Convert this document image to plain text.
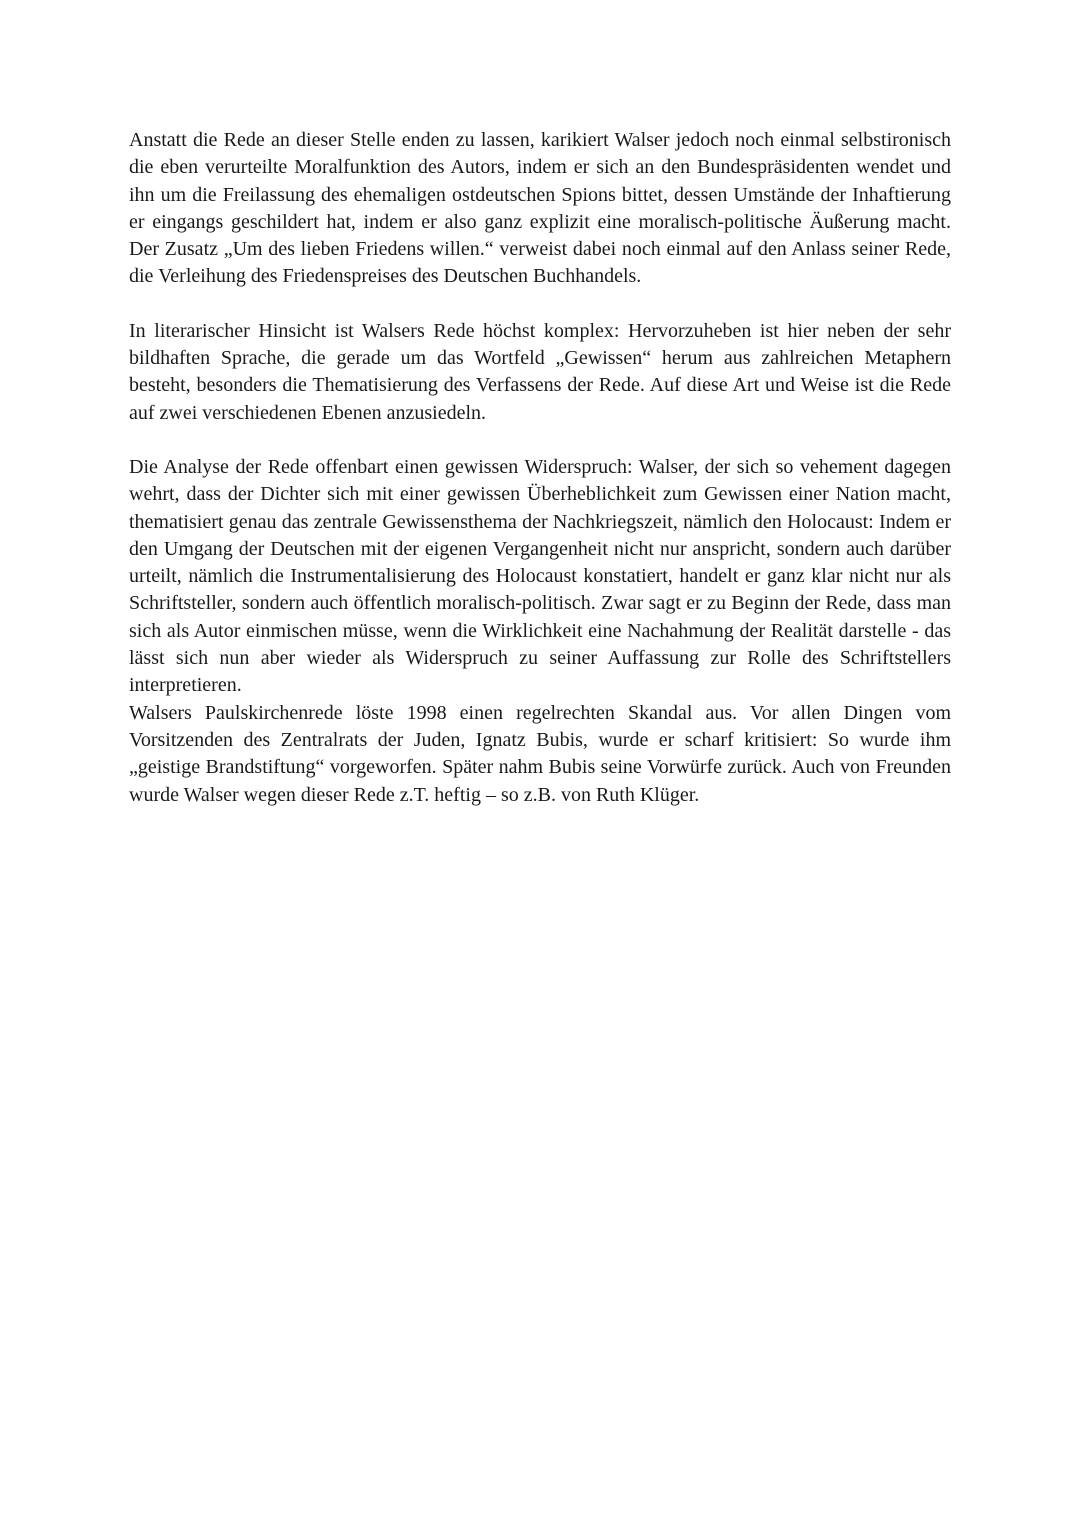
Anstatt die Rede an dieser Stelle enden zu lassen, karikiert Walser jedoch noch einmal selbstironisch die eben verurteilte Moralfunktion des Autors, indem er sich an den Bundespräsidenten wendet und ihn um die Freilassung des ehemaligen ostdeutschen Spions bittet, dessen Umstände der Inhaftierung er eingangs geschildert hat, indem er also ganz explizit eine moralisch-politische Äußerung macht. Der Zusatz „Um des lieben Friedens willen.“ verweist dabei noch einmal auf den Anlass seiner Rede, die Verleihung des Friedenspreises des Deutschen Buchhandels.

In literarischer Hinsicht ist Walsers Rede höchst komplex: Hervorzuheben ist hier neben der sehr bildhaften Sprache, die gerade um das Wortfeld „Gewissen“ herum aus zahlreichen Metaphern besteht, besonders die Thematisierung des Verfassens der Rede. Auf diese Art und Weise ist die Rede auf zwei verschiedenen Ebenen anzusiedeln.

Die Analyse der Rede offenbart einen gewissen Widerspruch: Walser, der sich so vehement dagegen wehrt, dass der Dichter sich mit einer gewissen Überheblichkeit zum Gewissen einer Nation macht, thematisiert genau das zentrale Gewissensthema der Nachkriegszeit, nämlich den Holocaust: Indem er den Umgang der Deutschen mit der eigenen Vergangenheit nicht nur anspricht, sondern auch darüber urteilt, nämlich die Instrumentalisierung des Holocaust konstatiert, handelt er ganz klar nicht nur als Schriftsteller, sondern auch öffentlich moralisch-politisch. Zwar sagt er zu Beginn der Rede, dass man sich als Autor einmischen müsse, wenn die Wirklichkeit eine Nachahmung der Realität darstelle - das lässt sich nun aber wieder als Widerspruch zu seiner Auffassung zur Rolle des Schriftstellers interpretieren.

Walsers Paulskirchenrede löste 1998 einen regelrechten Skandal aus. Vor allen Dingen vom Vorsitzenden des Zentralrats der Juden, Ignatz Bubis, wurde er scharf kritisiert: So wurde ihm „geistige Brandstiftung“ vorgeworfen. Später nahm Bubis seine Vorwürfe zurück. Auch von Freunden wurde Walser wegen dieser Rede z.T. heftig – so z.B. von Ruth Klüger.
